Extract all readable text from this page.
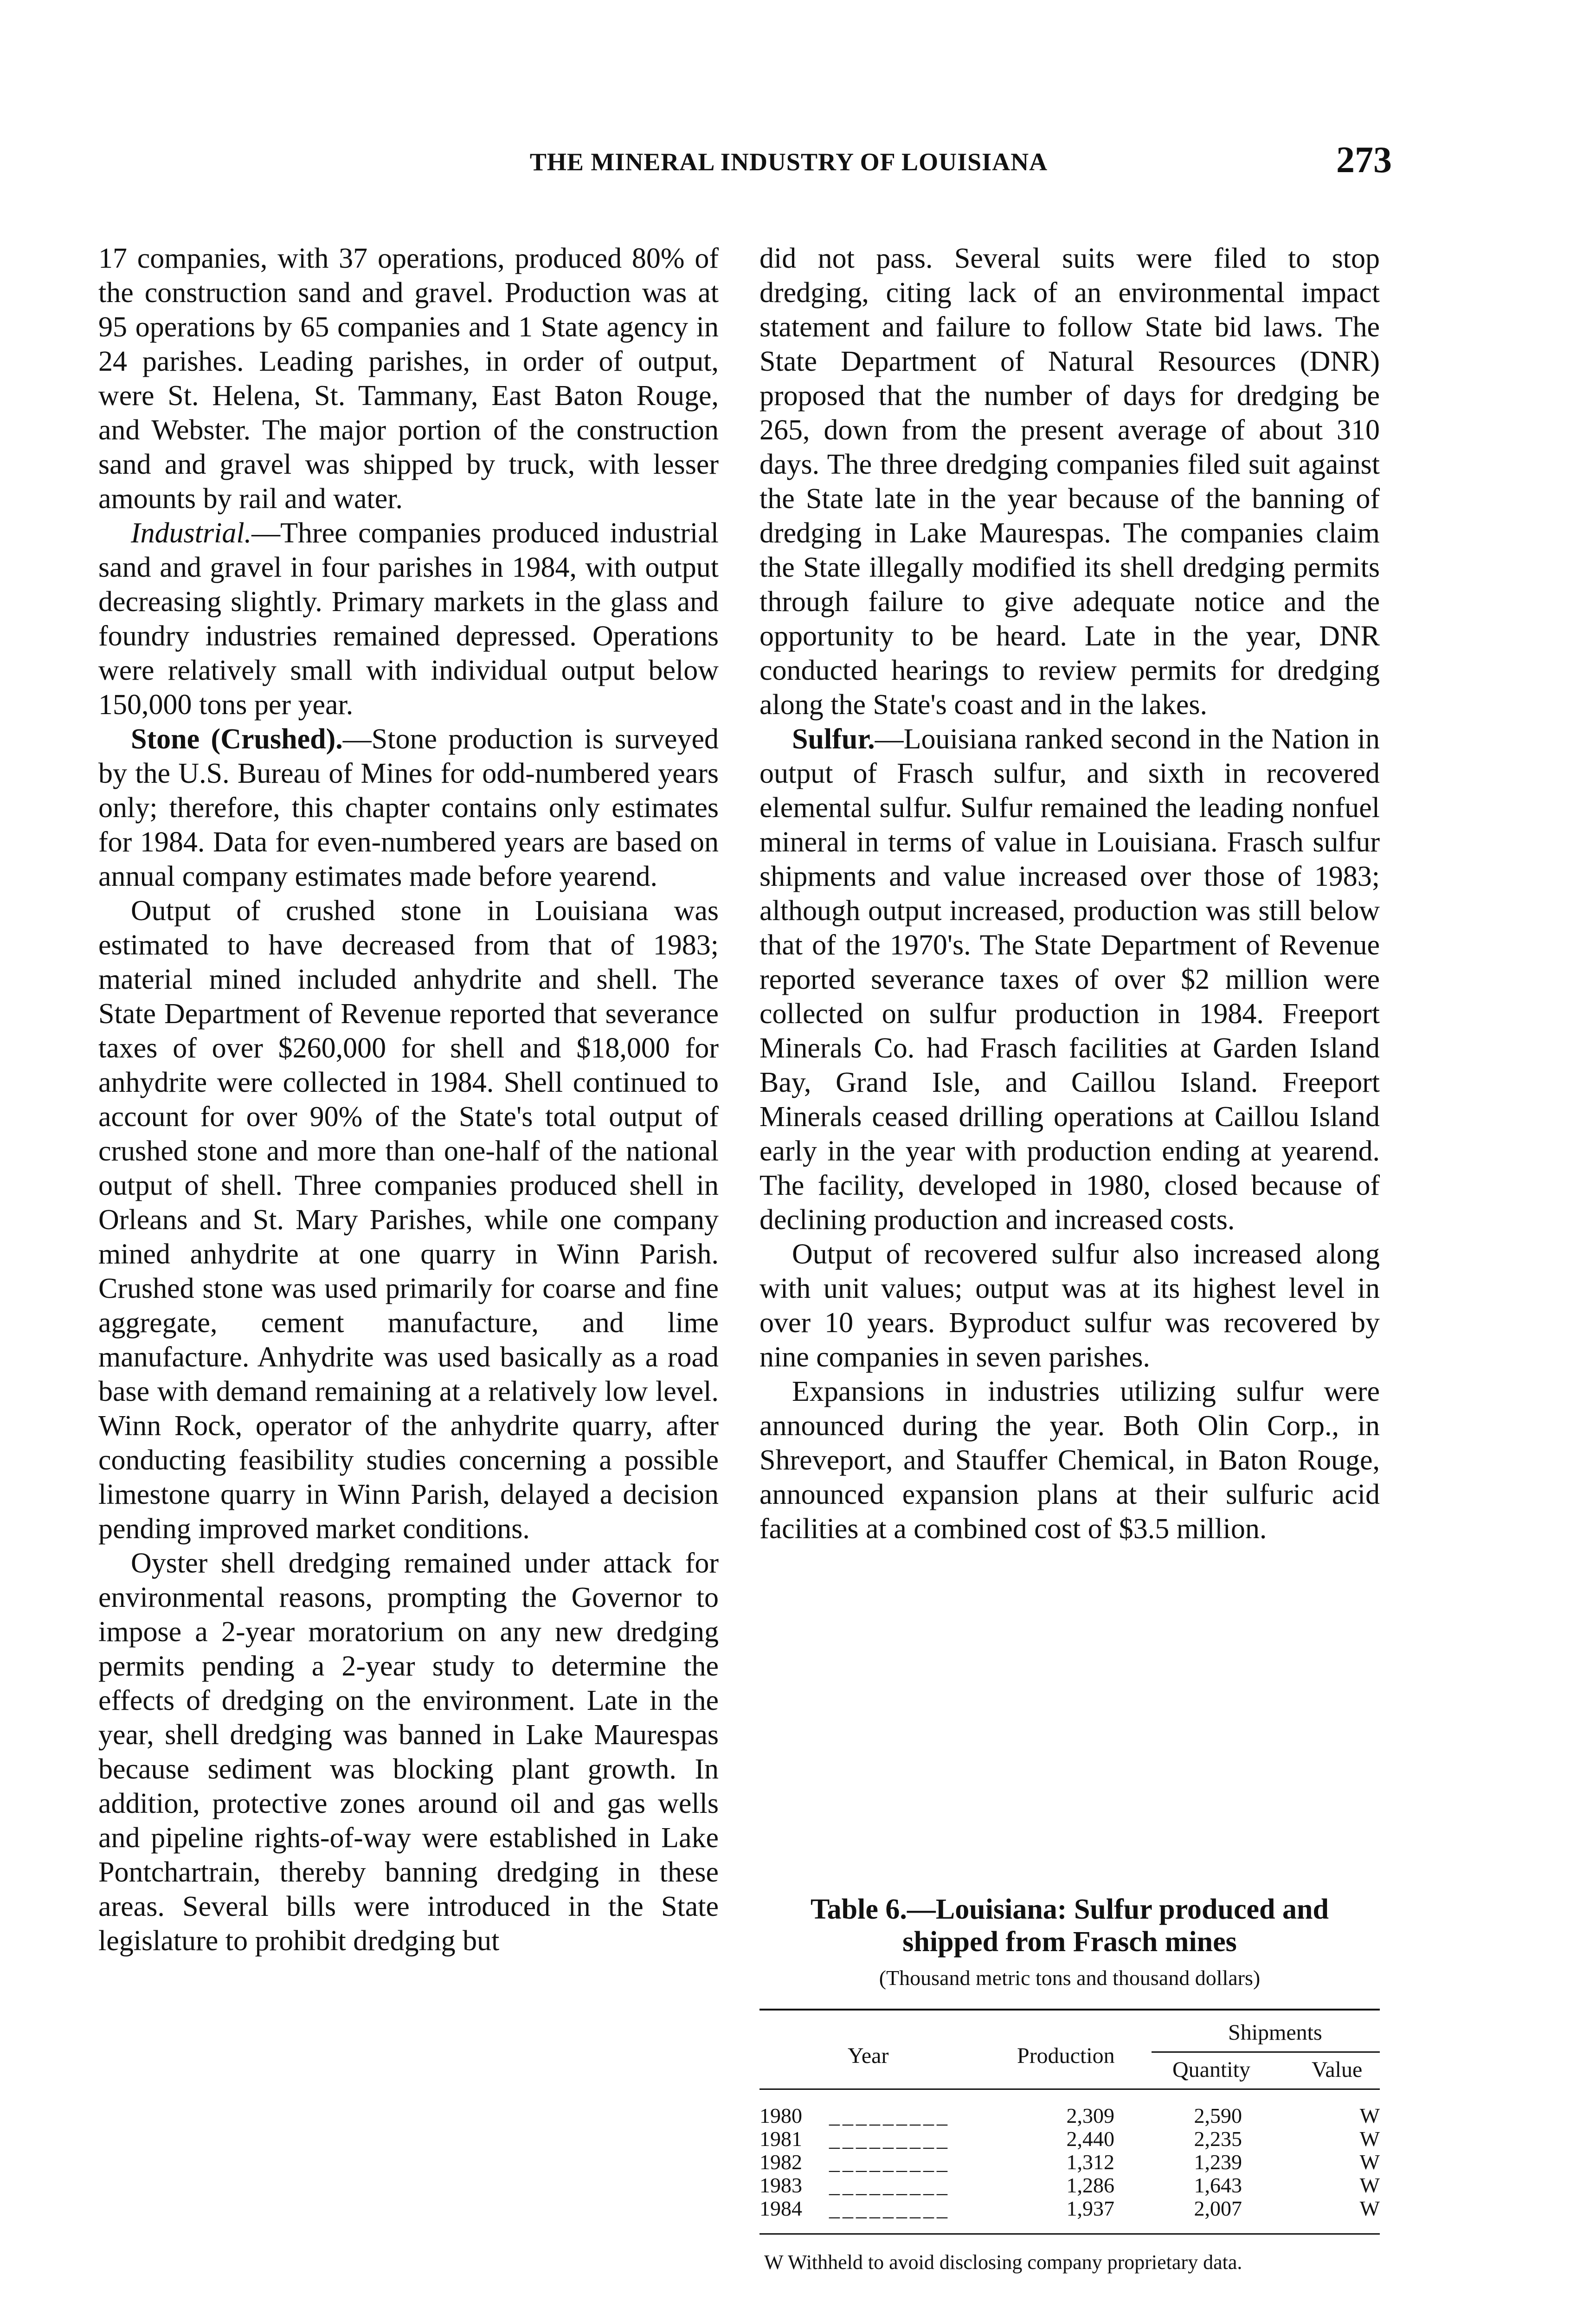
THE MINERAL INDUSTRY OF LOUISIANA	273

17 companies, with 37 operations, produced 80% of the construction sand and gravel. Production was at 95 operations by 65 companies and 1 State agency in 24 parishes. Leading parishes, in order of output, were St. Helena, St. Tammany, East Baton Rouge, and Webster. The major portion of the construction sand and gravel was shipped by truck, with lesser amounts by rail and water.

Industrial.—Three companies produced industrial sand and gravel in four parishes in 1984, with output decreasing slightly. Primary markets in the glass and foundry industries remained depressed. Operations were relatively small with individual output below 150,000 tons per year.

Stone (Crushed).—Stone production is surveyed by the U.S. Bureau of Mines for odd-numbered years only; therefore, this chapter contains only estimates for 1984. Data for even-numbered years are based on annual company estimates made before yearend.

Output of crushed stone in Louisiana was estimated to have decreased from that of 1983; material mined included anhydrite and shell. The State Department of Revenue reported that severance taxes of over $260,000 for shell and $18,000 for anhydrite were collected in 1984. Shell continued to account for over 90% of the State's total output of crushed stone and more than one-half of the national output of shell. Three companies produced shell in Orleans and St. Mary Parishes, while one company mined anhydrite at one quarry in Winn Parish. Crushed stone was used primarily for coarse and fine aggregate, cement manufacture, and lime manufacture. Anhydrite was used basically as a road base with demand remaining at a relatively low level. Winn Rock, operator of the anhydrite quarry, after conducting feasibility studies concerning a possible limestone quarry in Winn Parish, delayed a decision pending improved market conditions.

Oyster shell dredging remained under attack for environmental reasons, prompting the Governor to impose a 2-year moratorium on any new dredging permits pending a 2-year study to determine the effects of dredging on the environment. Late in the year, shell dredging was banned in Lake Maurespas because sediment was blocking plant growth. In addition, protective zones around oil and gas wells and pipeline rights-of-way were established in Lake Pontchartrain, thereby banning dredging in these areas. Several bills were introduced in the State legislature to prohibit dredging but

did not pass. Several suits were filed to stop dredging, citing lack of an environmental impact statement and failure to follow State bid laws. The State Department of Natural Resources (DNR) proposed that the number of days for dredging be 265, down from the present average of about 310 days. The three dredging companies filed suit against the State late in the year because of the banning of dredging in Lake Maurespas. The companies claim the State illegally modified its shell dredging permits through failure to give adequate notice and the opportunity to be heard. Late in the year, DNR conducted hearings to review permits for dredging along the State's coast and in the lakes.

Sulfur.—Louisiana ranked second in the Nation in output of Frasch sulfur, and sixth in recovered elemental sulfur. Sulfur remained the leading nonfuel mineral in terms of value in Louisiana. Frasch sulfur shipments and value increased over those of 1983; although output increased, production was still below that of the 1970's. The State Department of Revenue reported severance taxes of over $2 million were collected on sulfur production in 1984. Freeport Minerals Co. had Frasch facilities at Garden Island Bay, Grand Isle, and Caillou Island. Freeport Minerals ceased drilling operations at Caillou Island early in the year with production ending at yearend. The facility, developed in 1980, closed because of declining production and increased costs.

Output of recovered sulfur also increased along with unit values; output was at its highest level in over 10 years. Byproduct sulfur was recovered by nine companies in seven parishes.

Expansions in industries utilizing sulfur were announced during the year. Both Olin Corp., in Shreveport, and Stauffer Chemical, in Baton Rouge, announced expansion plans at their sulfuric acid facilities at a combined cost of $3.5 million.

Table 6.—Louisiana: Sulfur produced and
shipped from Frasch mines
(Thousand metric tons and thousand dollars)
Year	Production
Shipments
Quantity	Value
1980 _________	2,309	2,590	W
1981 _________	2,440	2,235	W
1982 _________	1,312	1,239	W
1983 _________	1,286	1,643	W
1984 _________	1,937	2,007	W
W Withheld to avoid disclosing company proprietary data.
